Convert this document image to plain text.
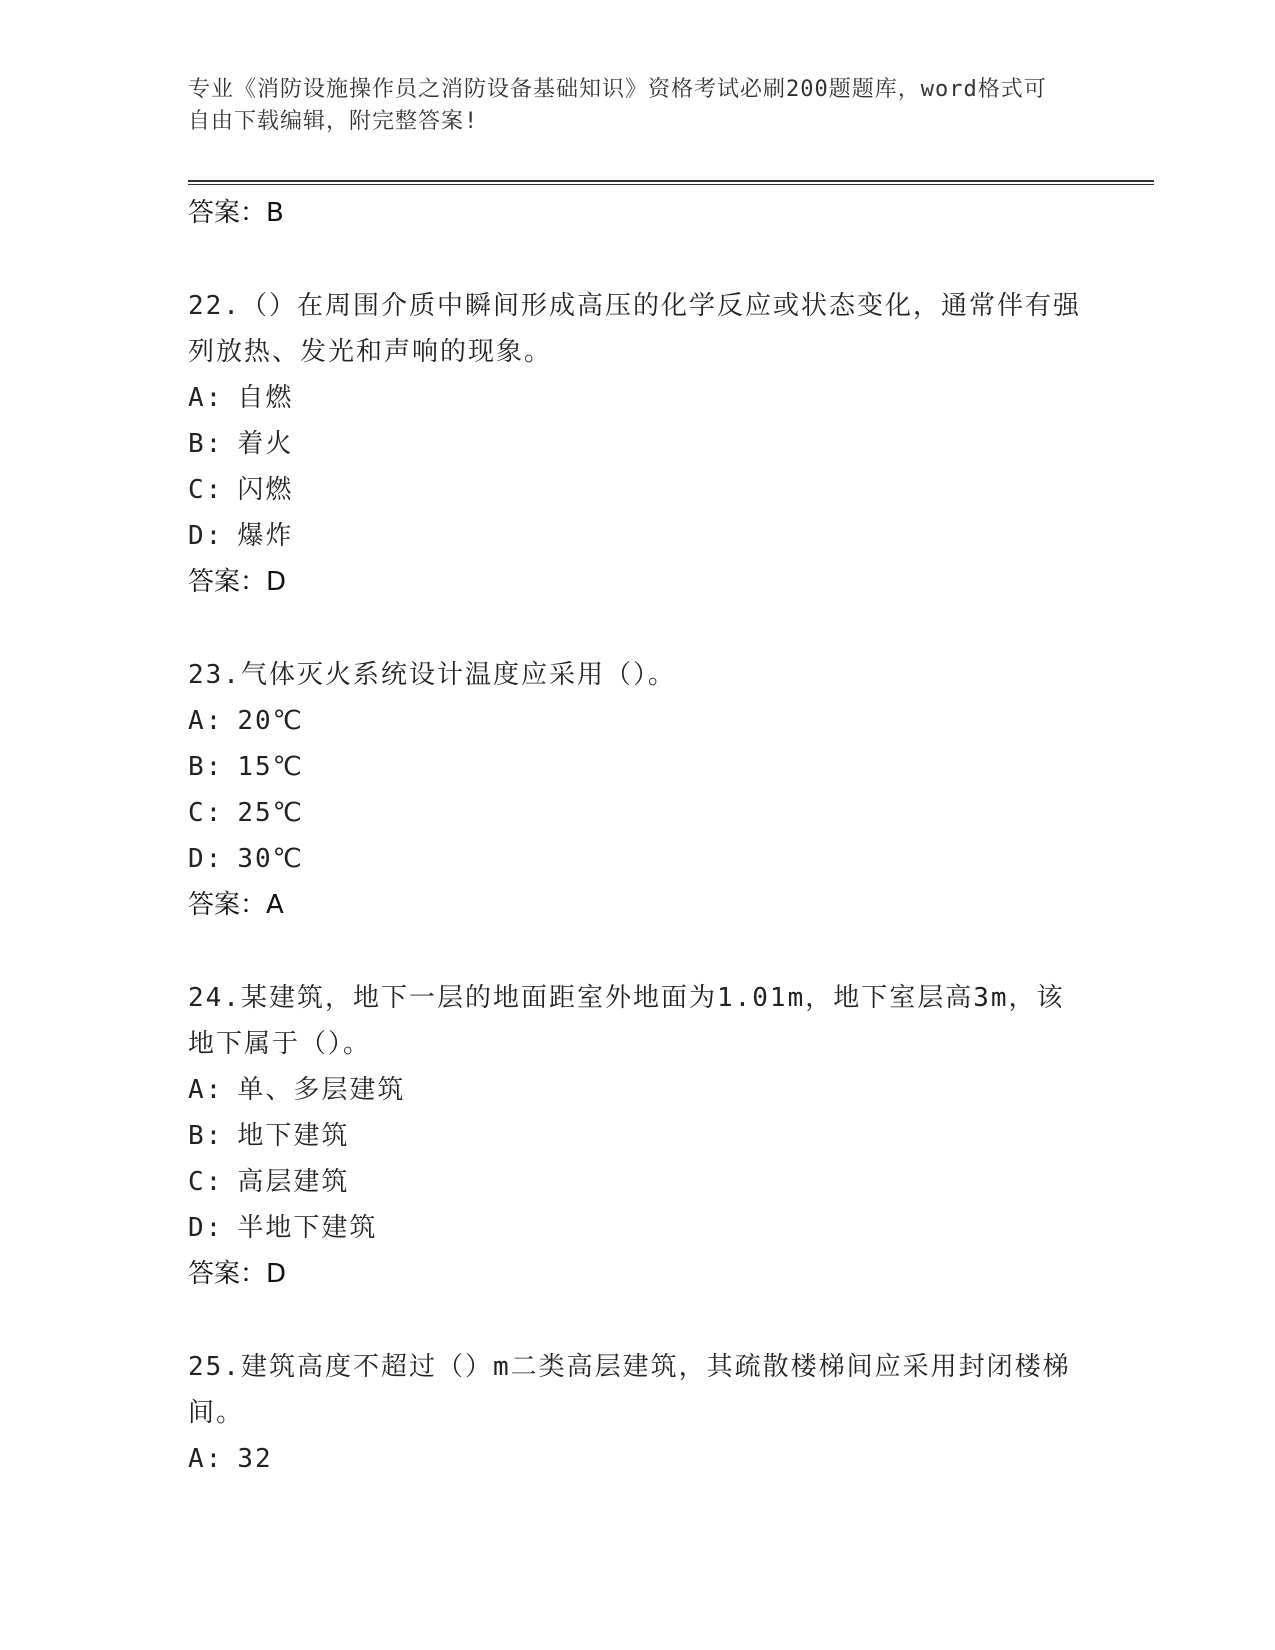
专业《消防设施操作员之消防设备基础知识》资格考试必刷200题题库，word格式可自由下载编辑，附完整答案!
答案：B
22.（）在周围介质中瞬间形成高压的化学反应或状态变化，通常伴有强列放热、发光和声响的现象。
A: 自燃
B: 着火
C: 闪燃
D: 爆炸
答案：D
23.气体灭火系统设计温度应采用（）。
A: 20℃
B: 15℃
C: 25℃
D: 30℃
答案：A
24.某建筑，地下一层的地面距室外地面为1.01m，地下室层高3m，该地下属于（）。
A: 单、多层建筑
B: 地下建筑
C: 高层建筑
D: 半地下建筑
答案：D
25.建筑高度不超过（）m二类高层建筑，其疏散楼梯间应采用封闭楼梯间。
A: 32
